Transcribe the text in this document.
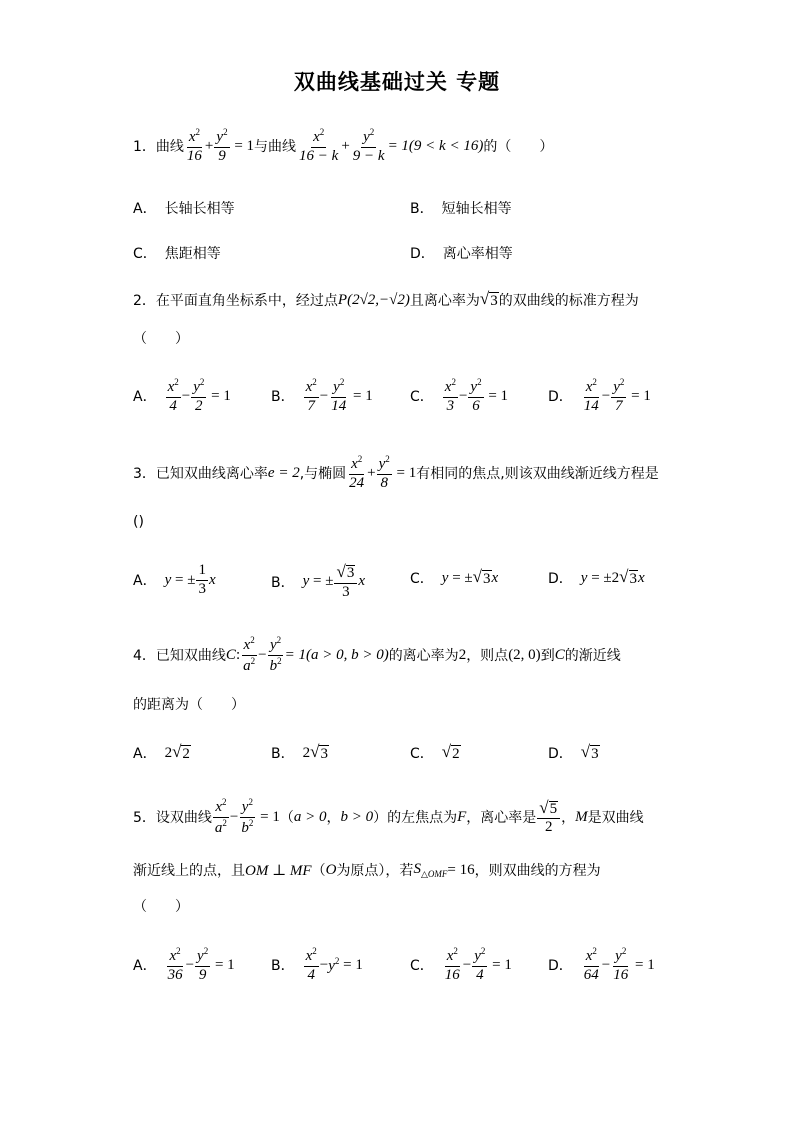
双曲线基础过关 专题
1． 曲线 $\frac{x^2}{16} + \frac{y^2}{9} = 1$ 与曲线 $\frac{x^2}{16 - k} + \frac{y^2}{9 - k} = 1(9 < k < 16)$ 的（　　）
A． 长轴长相等	B． 短轴长相等
C． 焦距相等	D． 离心率相等
2． 在平面直角坐标系中，经过点 P(2√2,−√2) 且离心率为 √ 3 的双曲线的标准方程为
（　　）
A． $\frac{x^2}{4} - \frac{y^2}{2} = 1$	B． $\frac{x^2}{7} - \frac{y^2}{14} = 1$	C． $\frac{x^2}{3} - \frac{y^2}{6} = 1$	D． $\frac{x^2}{14} - \frac{y^2}{7} = 1$
3． 已知双曲线离心率 e = 2 ,与椭圆 $\frac{x^2}{24} + \frac{y^2}{8} = 1$ 有相同的焦点,则该双曲线渐近线方程是
()
A． y = ± $\frac{1}{3}$ x	B． y = ± $\frac{√ 3}{3}$ x	C． y = ± √ 3 x	D． y = ±2 √ 3 x
4． 已知双曲线 C : $\frac{x^2}{a^2} - \frac{y^2}{b^2} = 1(a > 0$, b > 0) 的离心率为 2 ，则点 (2, 0) 到 C 的渐近线
的距离为（　　）
A． 2 √ 2	B． 2 √ 3	C． √ 2	D． √ 3
5． 设双曲线 $\frac{x^2}{a^2} - \frac{y^2}{b^2} = 1$ （ a > 0 ， b > 0 ）的左焦点为 F ，离心率是 $\frac{√ 5}{2}$ ， M 是双曲线
渐近线上的点，且 OM ⊥ MF （ O 为原点），若 $S_{\triangle OMF} = 16$ ，则双曲线的方程为
（　　）
A． $\frac{x^2}{36} - \frac{y^2}{9} = 1$	B． $\frac{x^2}{4} - y^2 = 1$	C． $\frac{x^2}{16} - \frac{y^2}{4} = 1$	D． $\frac{x^2}{64} - \frac{y^2}{16} = 1$
